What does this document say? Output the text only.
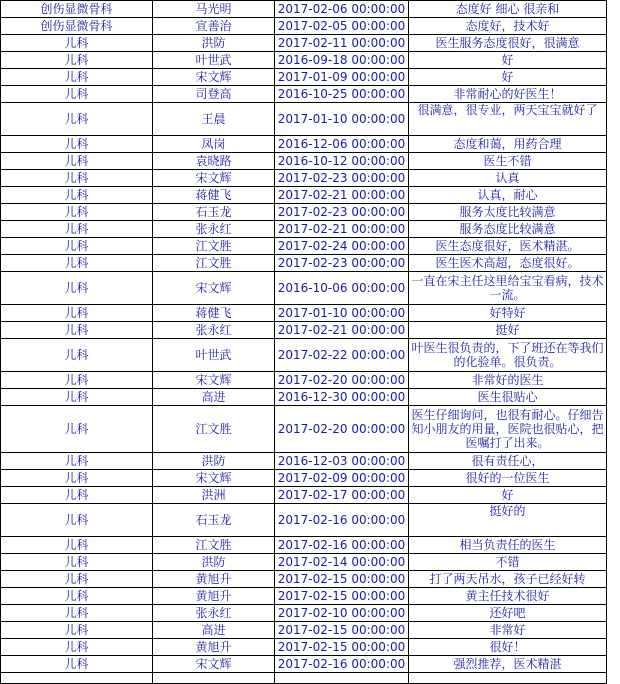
创伤显微骨科	马光明	2017-02-06 00:00:00	态度好 细心 很亲和
创伤显微骨科	宣善治	2017-02-05 00:00:00	态度好，技术好
儿科	洪防	2017-02-11 00:00:00	医生服务态度很好，很满意
儿科	叶世武	2016-09-18 00:00:00	好
儿科	宋文辉	2017-01-09 00:00:00	好
儿科	司登高	2016-10-25 00:00:00	非常耐心的好医生！
儿科	王晨	2017-01-10 00:00:00	很满意，很专业，两天宝宝就好了
儿科	凤岗	2016-12-06 00:00:00	态度和蔼，用药合理
儿科	袁晓路	2016-10-12 00:00:00	医生不错
儿科	宋文辉	2017-02-23 00:00:00	认真
儿科	蒋健飞	2017-02-21 00:00:00	认真，耐心
儿科	石玉龙	2017-02-23 00:00:00	服务太度比较满意
儿科	张永红	2017-02-21 00:00:00	服务态度比较满意
儿科	江文胜	2017-02-24 00:00:00	医生态度很好，医术精湛。
儿科	江文胜	2017-02-23 00:00:00	医生医术高超，态度很好。
儿科	宋文辉	2016-10-06 00:00:00	一直在宋主任这里给宝宝看病，技术一流。
儿科	蒋健飞	2017-01-10 00:00:00	好特好
儿科	张永红	2017-02-21 00:00:00	挺好
儿科	叶世武	2017-02-22 00:00:00	叶医生很负责的，下了班还在等我们的化验单。很负责。
儿科	宋文辉	2017-02-20 00:00:00	非常好的医生
儿科	高进	2016-12-30 00:00:00	医生很贴心
儿科	江文胜	2017-02-20 00:00:00	医生仔细询问，也很有耐心。仔细告知小朋友的用量，医院也很贴心，把医嘱打了出来。
儿科	洪防	2016-12-03 00:00:00	很有责任心，
儿科	宋文辉	2017-02-09 00:00:00	很好的一位医生
儿科	洪洲	2017-02-17 00:00:00	好
儿科	石玉龙	2017-02-16 00:00:00	挺好的
儿科	江文胜	2017-02-16 00:00:00	相当负责任的医生
儿科	洪防	2017-02-14 00:00:00	不错
儿科	黄旭升	2017-02-15 00:00:00	打了两天吊水，孩子已经好转
儿科	黄旭升	2017-02-15 00:00:00	黄主任技术很好
儿科	张永红	2017-02-10 00:00:00	还好吧
儿科	高进	2017-02-15 00:00:00	非常好
儿科	黄旭升	2017-02-15 00:00:00	很好！
儿科	宋文辉	2017-02-16 00:00:00	强烈推荐，医术精湛
